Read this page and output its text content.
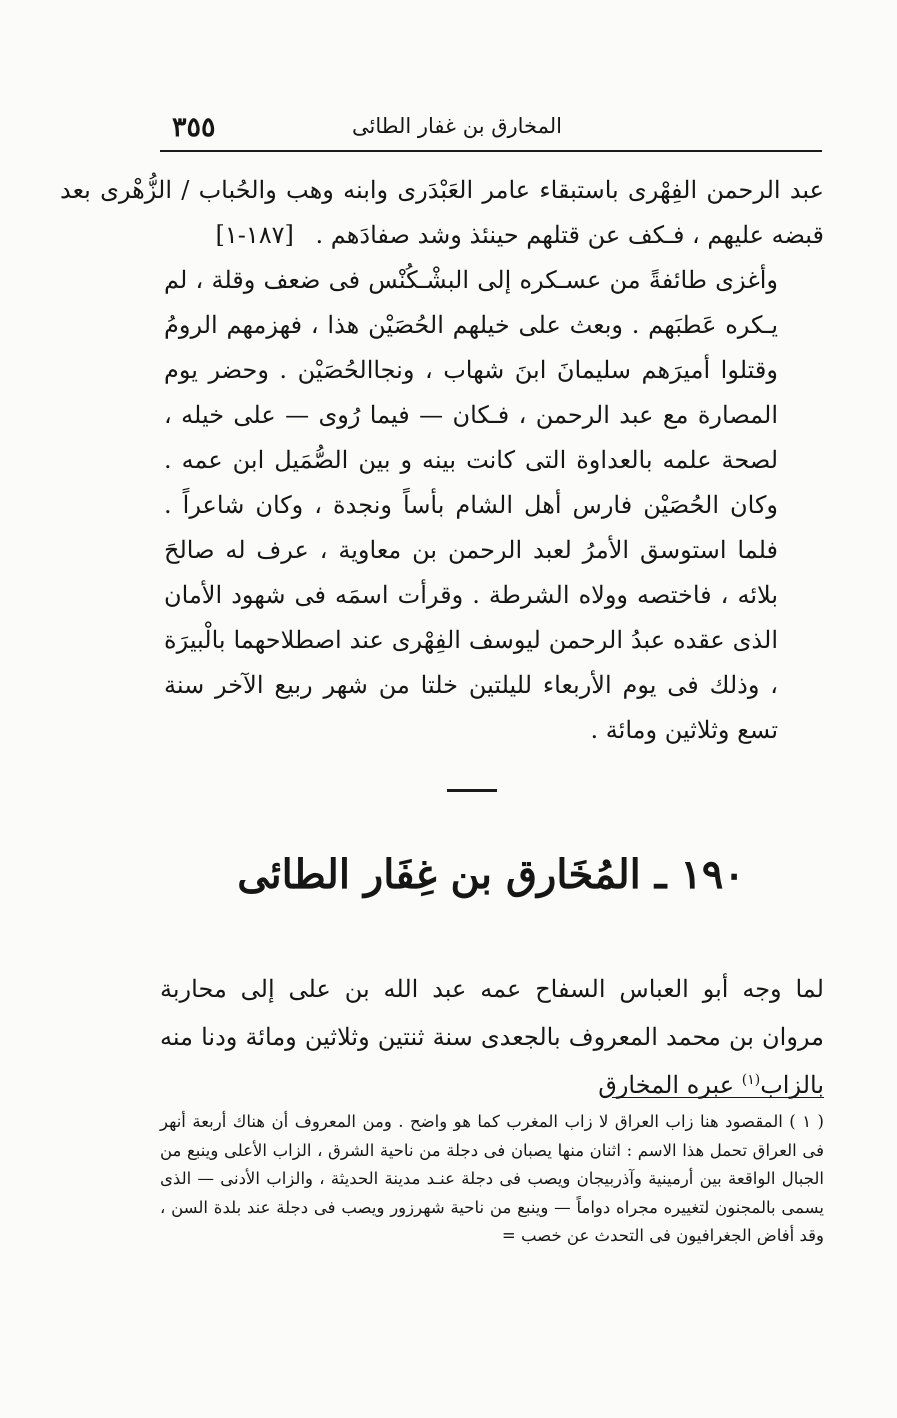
٣٥٥	المخارق بن غفار الطائى

عبد الرحمن الفِهْرى باستبقاء عامر العَبْدَرى وابنه وهب والحُباب / الزُّهْرى بعد قبضه عليهم ، فـكف عن قتلهم حينئذ وشد صفادَهم . [١٨٧-١]

وأغزى طائفةً من عسـكره إلى البشْـكُنْس فى ضعف وقلة ، لم يـكره عَطبَهم . وبعث على خيلهم الحُصَيْن هذا ، فهزمهم الرومُ وقتلوا أميرَهم سليمانَ ابنَ شهاب ، ونجاالحُصَيْن . وحضر يوم المصارة مع عبد الرحمن ، فـكان — فيما رُوى — على خيله ، لصحة علمه بالعداوة التى كانت بينه و بين الصُّمَيل ابن عمه . وكان الحُصَيْن فارس أهل الشام بأساً ونجدة ، وكان شاعراً . فلما استوسق الأمرُ لعبد الرحمن بن معاوية ، عرف له صالحَ بلائه ، فاختصه وولاه الشرطة . وقرأت اسمَه فى شهود الأمان الذى عقده عبدُ الرحمن ليوسف الفِهْرى عند اصطلاحهما بالْبيرَة ، وذلك فى يوم الأربعاء لليلتين خلتا من شهر ربيع الآخر سنة تسع وثلاثين ومائة .

١٩٠ ـ المُخَارق بن غِفَار الطائى

لما وجه أبو العباس السفاح عمه عبد الله بن على إلى محاربة مروان بن محمد المعروف بالجعدى سنة ثنتين وثلاثين ومائة ودنا منه بالزاب$^{(١)}$ عبره المخارق

( ١ ) المقصود هنا زاب العراق لا زاب المغرب كما هو واضح . ومن المعروف أن هناك أربعة أنهر فى العراق تحمل هذا الاسم : اثنان منها يصبان فى دجلة من ناحية الشرق ، الزاب الأعلى وينبع من الجبال الواقعة بين أرمينية وآذربيجان ويصب فى دجلة عنـد مدينة الحديثة ، والزاب الأدنى — الذى يسمى بالمجنون لتغييره مجراه دواماً — وينبع من ناحية شهرزور ويصب فى دجلة عند بلدة السن ، وقد أفاض الجغرافيون فى التحدث عن خصب =
